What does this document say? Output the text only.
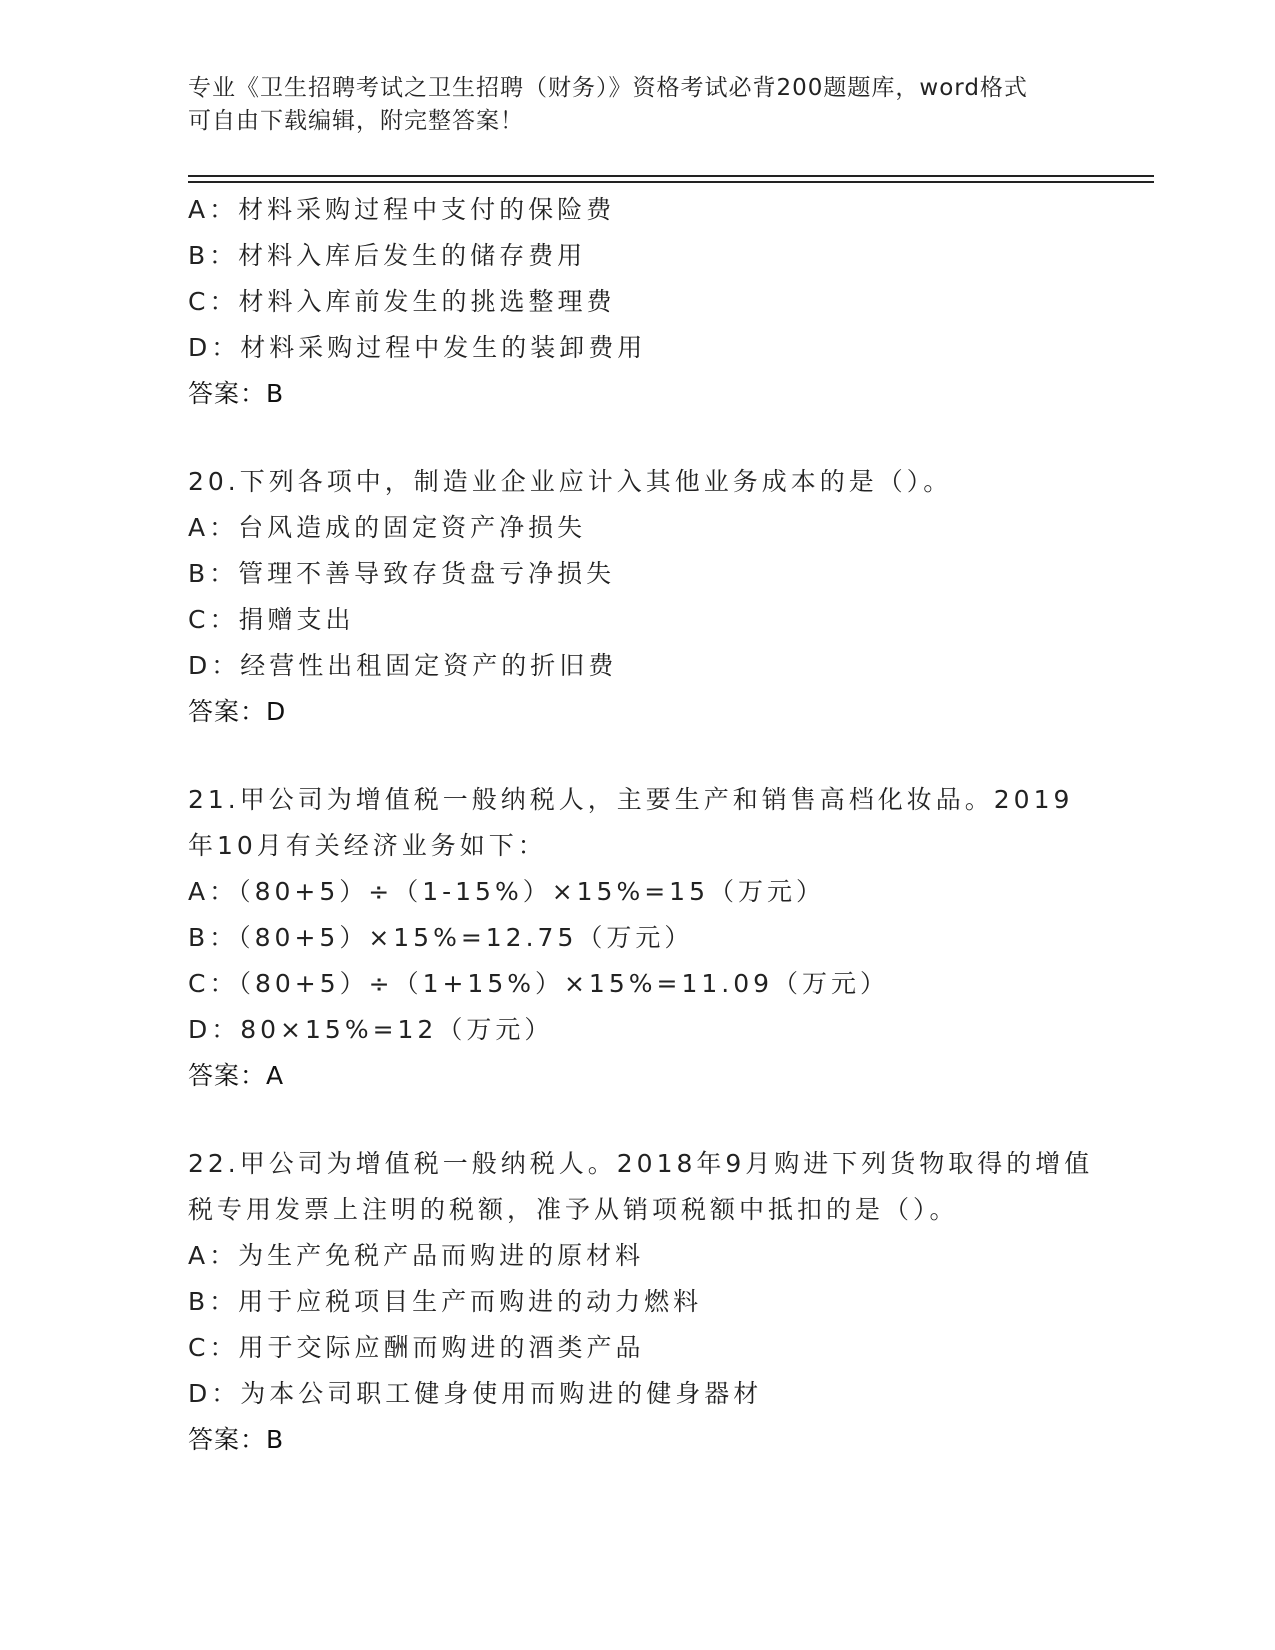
专业《卫生招聘考试之卫生招聘（财务）》资格考试必背200题题库，word格式
可自由下载编辑，附完整答案！
A：材料采购过程中支付的保险费
B：材料入库后发生的储存费用
C：材料入库前发生的挑选整理费
D：材料采购过程中发生的装卸费用
答案：B
20.下列各项中，制造业企业应计入其他业务成本的是（）。
A：台风造成的固定资产净损失
B：管理不善导致存货盘亏净损失
C：捐赠支出
D：经营性出租固定资产的折旧费
答案：D
21.甲公司为增值税一般纳税人，主要生产和销售高档化妆品。2019
年10月有关经济业务如下：
A：（80+5）÷（1-15%）×15%=15（万元）
B：（80+5）×15%=12.75（万元）
C：（80+5）÷（1+15%）×15%=11.09（万元）
D：80×15%=12（万元）
答案：A
22.甲公司为增值税一般纳税人。2018年9月购进下列货物取得的增值
税专用发票上注明的税额，准予从销项税额中抵扣的是（）。
A：为生产免税产品而购进的原材料
B：用于应税项目生产而购进的动力燃料
C：用于交际应酬而购进的酒类产品
D：为本公司职工健身使用而购进的健身器材
答案：B
